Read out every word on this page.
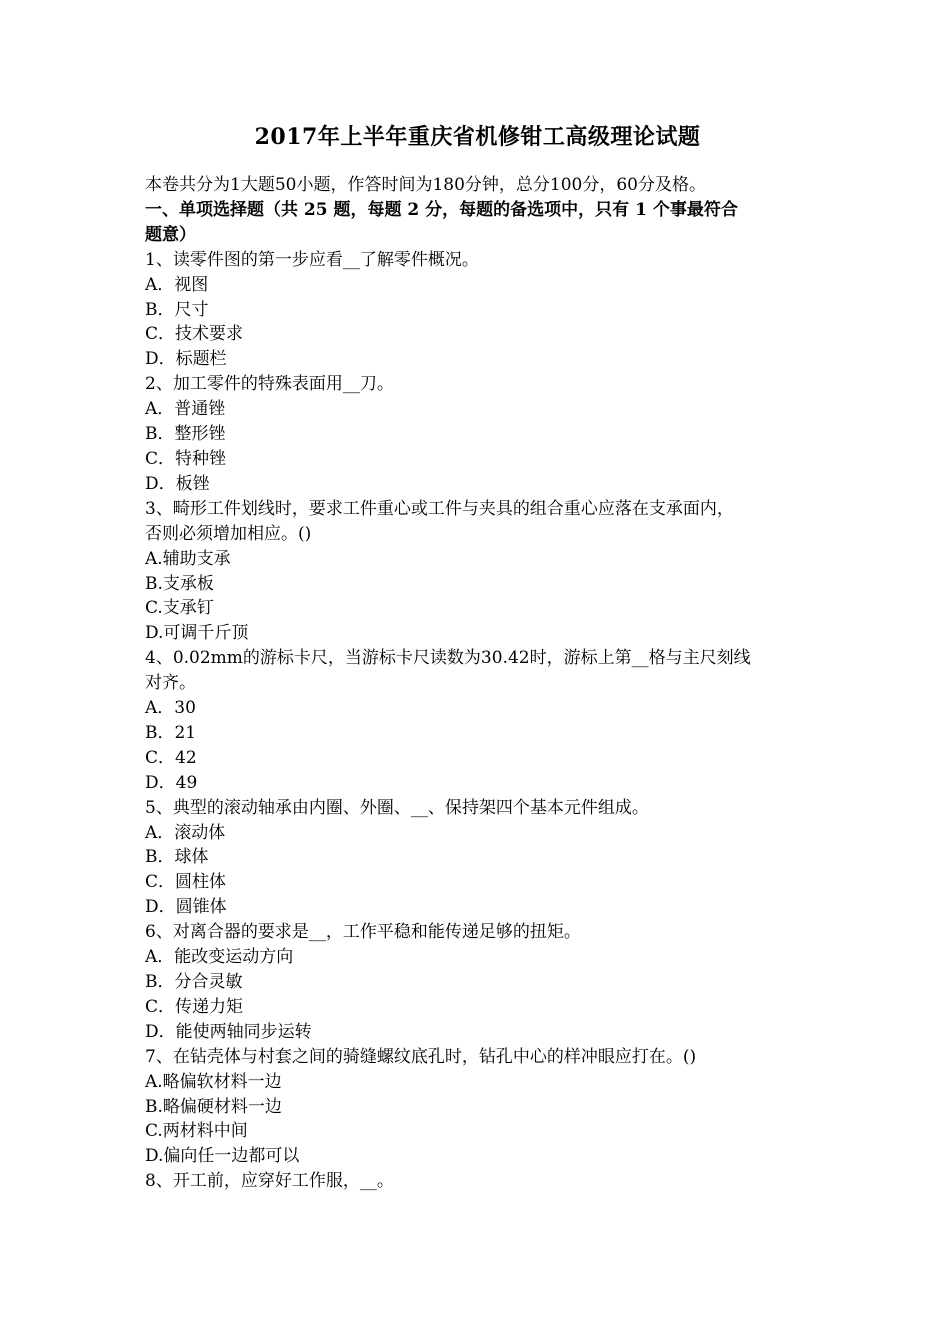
2017年上半年重庆省机修钳工高级理论试题
本卷共分为1大题50小题，作答时间为180分钟，总分100分，60分及格。
一、单项选择题（共 25 题，每题 2 分，每题的备选项中，只有 1 个事最符合
题意）
1、读零件图的第一步应看__了解零件概况。
A．视图
B．尺寸
C．技术要求
D．标题栏
2、加工零件的特殊表面用__刀。
A．普通锉
B．整形锉
C．特种锉
D．板锉
3、畸形工件划线时，要求工件重心或工件与夹具的组合重心应落在支承面内，
否则必须增加相应。()
A.辅助支承
B.支承板
C.支承钉
D.可调千斤顶
4、0.02mm的游标卡尺，当游标卡尺读数为30.42时，游标上第__格与主尺刻线
对齐。
A．30
B．21
C．42
D．49
5、典型的滚动轴承由内圈、外圈、__、保持架四个基本元件组成。
A．滚动体
B．球体
C．圆柱体
D．圆锥体
6、对离合器的要求是__，工作平稳和能传递足够的扭矩。
A．能改变运动方向
B．分合灵敏
C．传递力矩
D．能使两轴同步运转
7、在钻壳体与村套之间的骑缝螺纹底孔时，钻孔中心的样冲眼应打在。()
A.略偏软材料一边
B.略偏硬材料一边
C.两材料中间
D.偏向任一边都可以
8、开工前，应穿好工作服，__。
